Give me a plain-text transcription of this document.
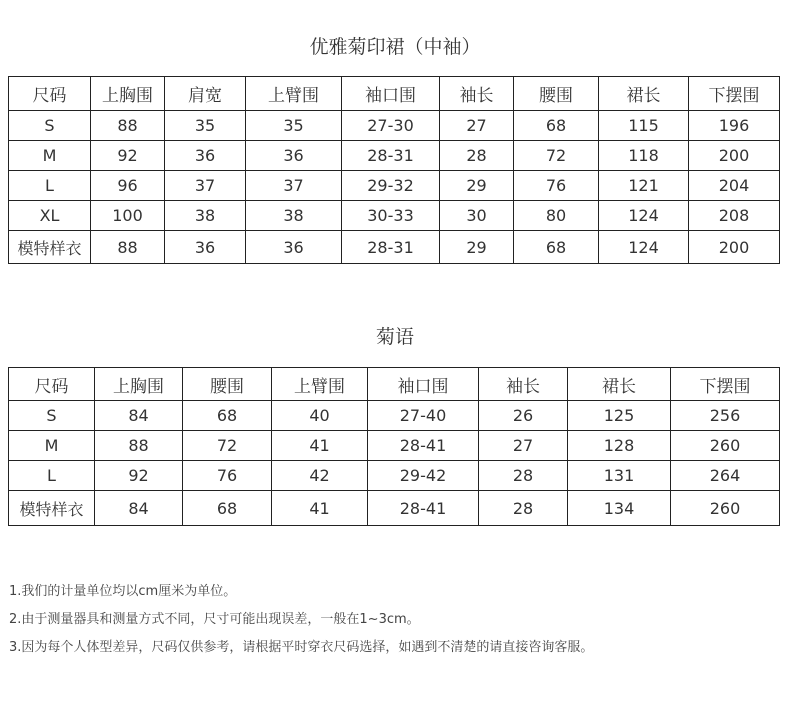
优雅菊印裙（中袖）
尺码	上胸围	肩宽	上臂围	袖口围	袖长	腰围	裙长	下摆围
S	88	35	35	27-30	27	68	115	196
M	92	36	36	28-31	28	72	118	200
L	96	37	37	29-32	29	76	121	204
XL	100	38	38	30-33	30	80	124	208
模特样衣	88	36	36	28-31	29	68	124	200
菊语
尺码	上胸围	腰围	上臂围	袖口围	袖长	裙长	下摆围
S	84	68	40	27-40	26	125	256
M	88	72	41	28-41	27	128	260
L	92	76	42	29-42	28	131	264
模特样衣	84	68	41	28-41	28	134	260

1.我们的计量单位均以cm厘米为单位。

2.由于测量器具和测量方式不同，尺寸可能出现误差，一般在1~3cm。

3.因为每个人体型差异，尺码仅供参考，请根据平时穿衣尺码选择，如遇到不清楚的请直接咨询客服。
